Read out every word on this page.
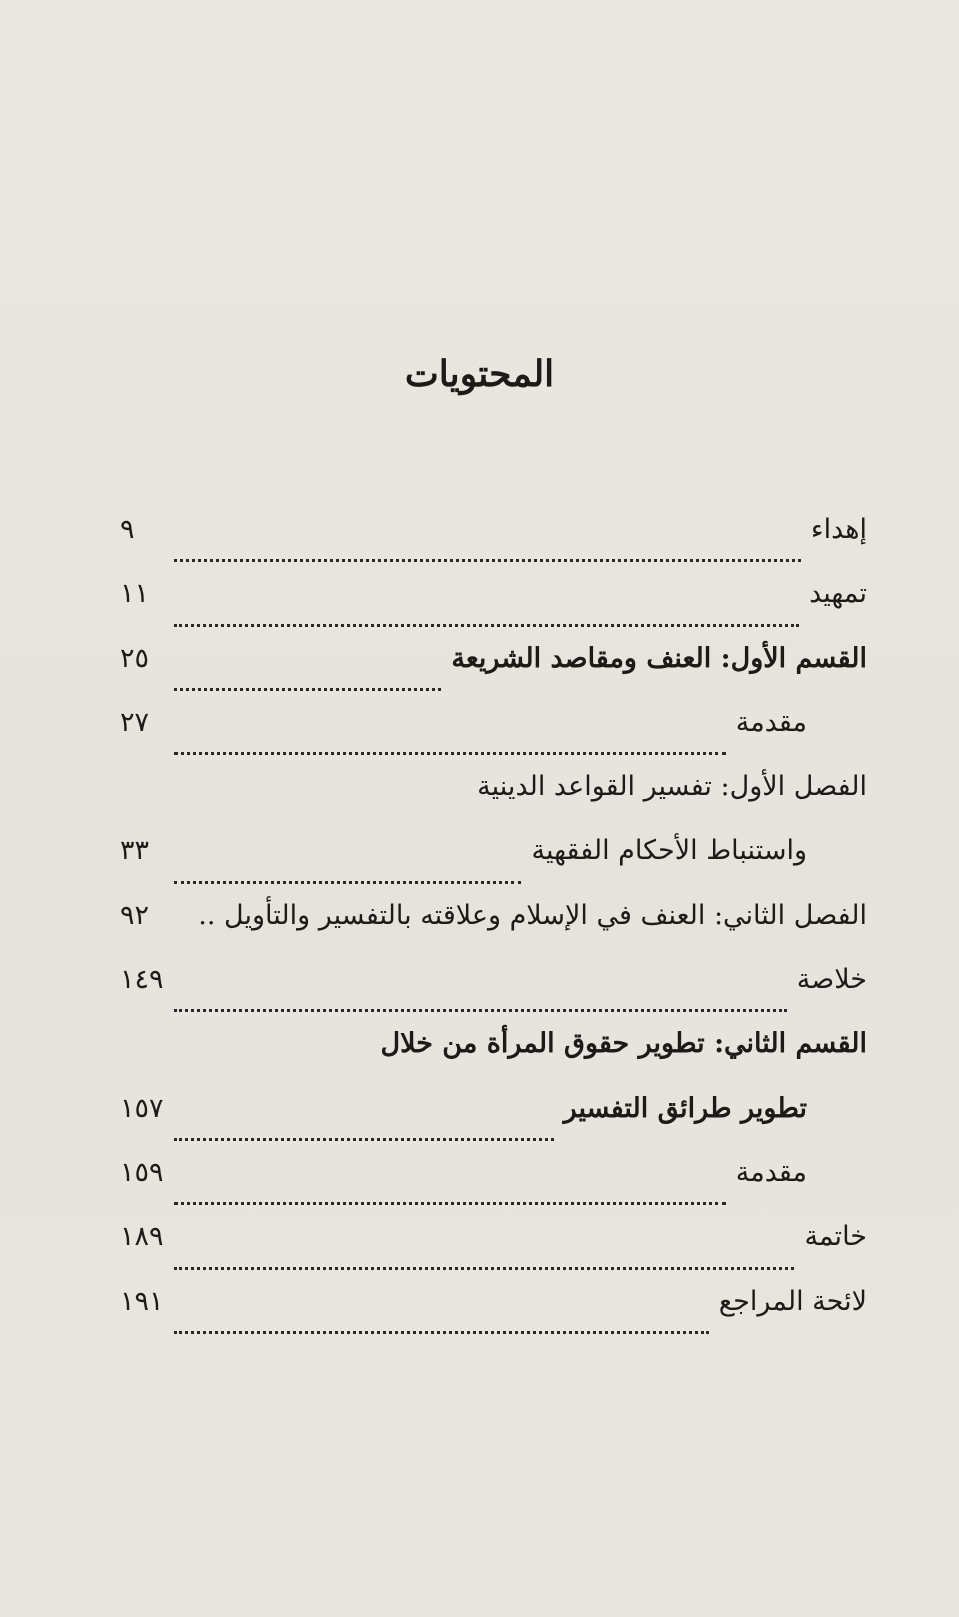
المحتويات
إهداء
٩
تمهيد
١١
القسم الأول: العنف ومقاصد الشريعة
٢٥
مقدمة
٢٧
الفصل الأول: تفسير القواعد الدينية
واستنباط الأحكام الفقهية
٣٣
الفصل الثاني: العنف في الإسلام وعلاقته بالتفسير والتأويل ..
٩٢
خلاصة
١٤٩
القسم الثاني: تطوير حقوق المرأة من خلال
تطوير طرائق التفسير
١٥٧
مقدمة
١٥٩
خاتمة
١٨٩
لائحة المراجع
١٩١
